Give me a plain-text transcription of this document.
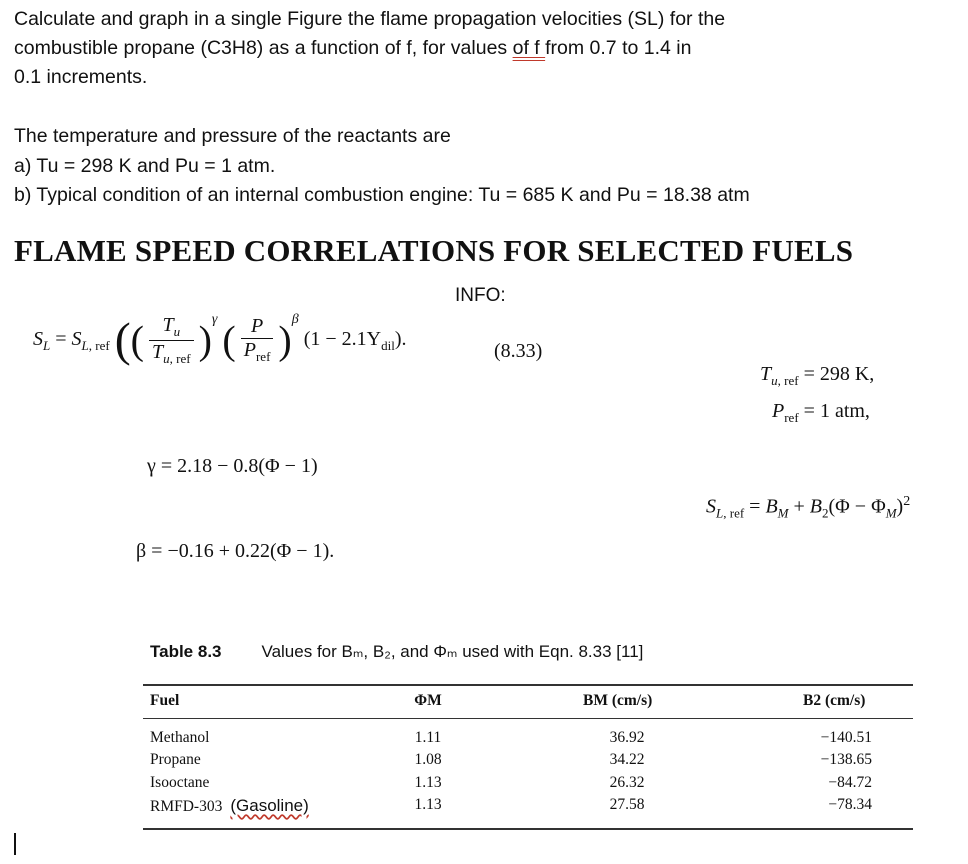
Calculate and graph in a single Figure the flame propagation velocities (SL) for the
combustible propane (C3H8) as a function of f, for values of f from 0.7 to 1.4 in
0.1 increments.
The temperature and pressure of the reactants are
a) Tu = 298 K and Pu = 1 atm.
b) Typical condition of an internal combustion engine: Tu = 685 K and Pu = 18.38 atm
FLAME SPEED CORRELATIONS FOR SELECTED FUELS
INFO:
$S_L = S_{L, ref}$ (( $\frac{T_u}{T_{u, ref}} )^\gamma$ ( $\frac{P}{P_{ref}} )^\beta$ $(1 - 2.1Y_{dil})$.
(8.33)
$T_{u, ref} = 298$ K,
$P_{ref} = 1$ atm,
γ = 2.18 − 0.8(Φ − 1)
$S_{L, ref} = B_M + B_2(\Phi - \Phi_M)^2$
β = −0.16 + 0.22(Φ − 1).
Table 8.3 Values for Bₘ, B₂, and Φₘ used with Eqn. 8.33 [11]
Fuel	ΦM	BM (cm/s)	B2 (cm/s)
Methanol	1.11	36.92	−140.51
Propane	1.08	34.22	−138.65
Isooctane	1.13	26.32	−84.72
RMFD-303 (Gasoline)	1.13	27.58	−78.34
